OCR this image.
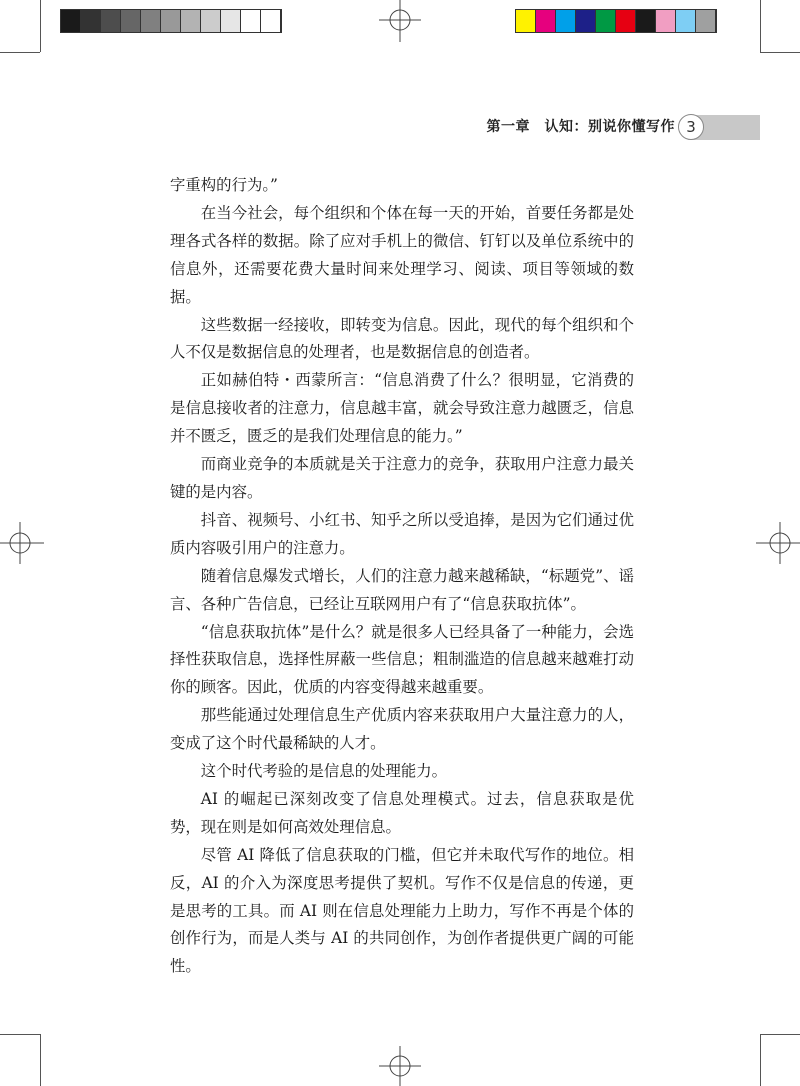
第一章　认知：别说你懂写作 3

字重构的行为。”

在当今社会，每个组织和个体在每一天的开始，首要任务都是处理各式各样的数据。除了应对手机上的微信、钉钉以及单位系统中的信息外，还需要花费大量时间来处理学习、阅读、项目等领域的数据。

这些数据一经接收，即转变为信息。因此，现代的每个组织和个人不仅是数据信息的处理者，也是数据信息的创造者。

正如赫伯特・西蒙所言：“信息消费了什么？很明显，它消费的是信息接收者的注意力，信息越丰富，就会导致注意力越匮乏，信息并不匮乏，匮乏的是我们处理信息的能力。”

而商业竞争的本质就是关于注意力的竞争，获取用户注意力最关键的是内容。

抖音、视频号、小红书、知乎之所以受追捧，是因为它们通过优质内容吸引用户的注意力。

随着信息爆发式增长，人们的注意力越来越稀缺，“标题党”、谣言、各种广告信息，已经让互联网用户有了“信息获取抗体”。

“信息获取抗体”是什么？就是很多人已经具备了一种能力，会选择性获取信息，选择性屏蔽一些信息；粗制滥造的信息越来越难打动你的顾客。因此，优质的内容变得越来越重要。

那些能通过处理信息生产优质内容来获取用户大量注意力的人，变成了这个时代最稀缺的人才。

这个时代考验的是信息的处理能力。

AI 的崛起已深刻改变了信息处理模式。过去，信息获取是优势，现在则是如何高效处理信息。

尽管 AI 降低了信息获取的门槛，但它并未取代写作的地位。相反，AI 的介入为深度思考提供了契机。写作不仅是信息的传递，更是思考的工具。而 AI 则在信息处理能力上助力，写作不再是个体的创作行为，而是人类与 AI 的共同创作，为创作者提供更广阔的可能性。
